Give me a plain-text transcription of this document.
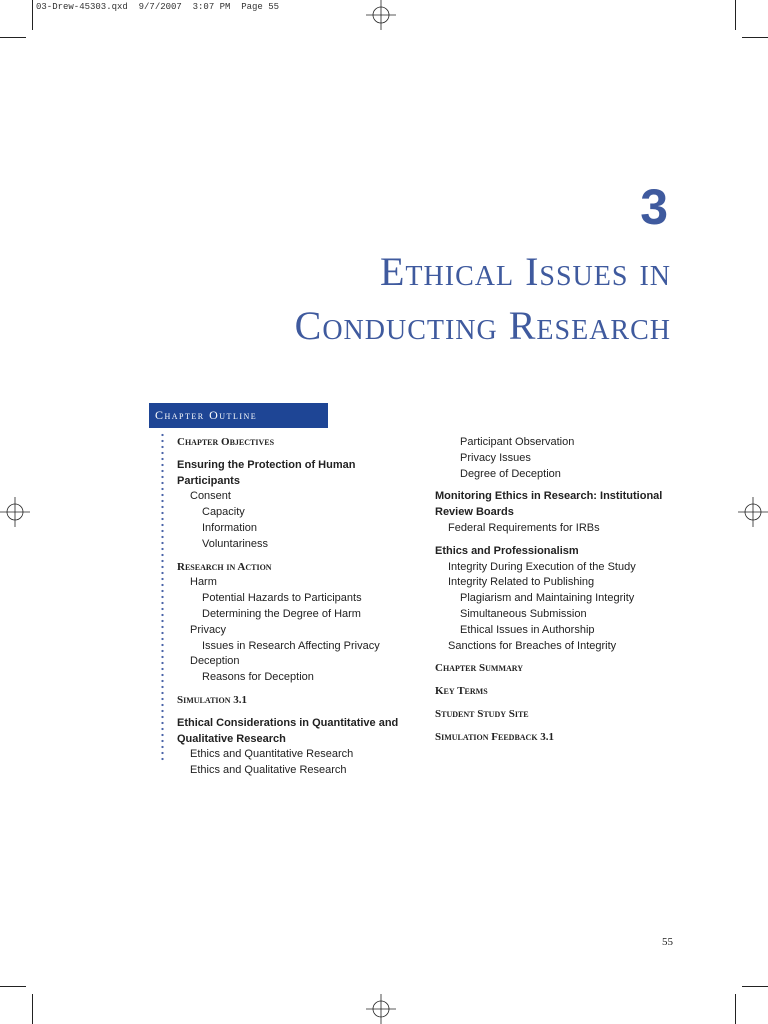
03-Drew-45303.qxd  9/7/2007  3:07 PM  Page 55
3
Ethical Issues in
Conducting Research
Chapter Outline
Chapter Objectives
Ensuring the Protection of Human Participants
Consent
Capacity
Information
Voluntariness
Research in Action
Harm
Potential Hazards to Participants
Determining the Degree of Harm
Privacy
Issues in Research Affecting Privacy
Deception
Reasons for Deception
Simulation 3.1
Ethical Considerations in Quantitative and Qualitative Research
Ethics and Quantitative Research
Ethics and Qualitative Research
Participant Observation
Privacy Issues
Degree of Deception
Monitoring Ethics in Research: Institutional Review Boards
Federal Requirements for IRBs
Ethics and Professionalism
Integrity During Execution of the Study
Integrity Related to Publishing
Plagiarism and Maintaining Integrity
Simultaneous Submission
Ethical Issues in Authorship
Sanctions for Breaches of Integrity
Chapter Summary
Key Terms
Student Study Site
Simulation Feedback 3.1
55
